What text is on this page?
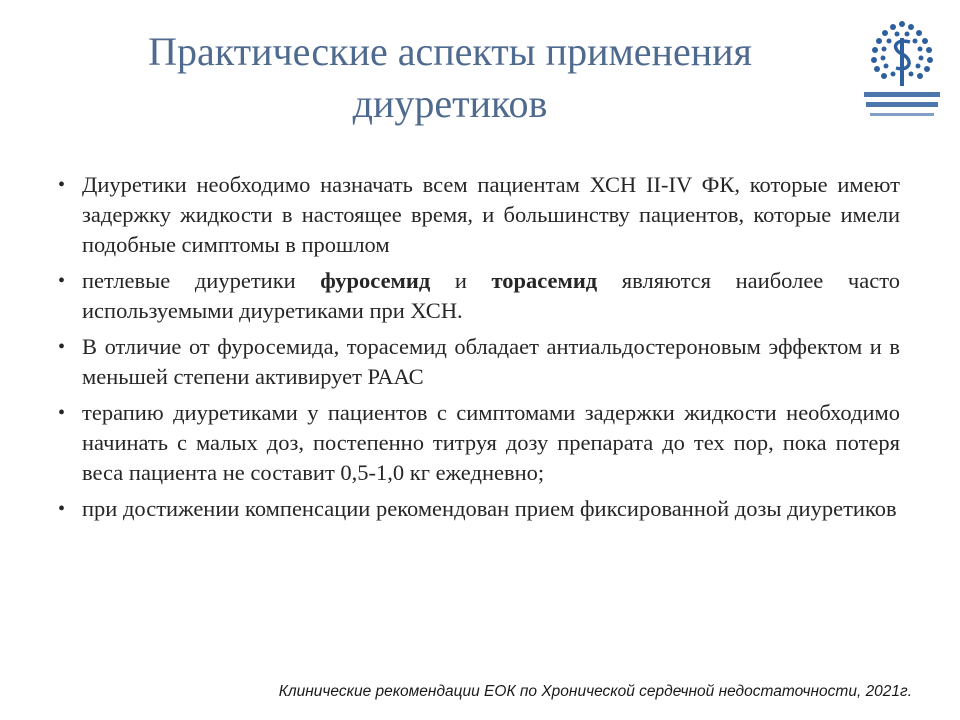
Практические аспекты применения
диуретиков
• Диуретики необходимо назначать всем пациентам ХСН II-IV ФК, которые имеют задержку жидкости в настоящее время, и большинству пациентов, которые имели подобные симптомы в прошлом
• петлевые диуретики фуросемид и торасемид являются наиболее часто используемыми диуретиками при ХСН.
• В отличие от фуросемида, торасемид обладает антиальдостероновым эффектом и в меньшей степени активирует РААС
• терапию диуретиками у пациентов с симптомами задержки жидкости необходимо начинать с малых доз, постепенно титруя дозу препарата до тех пор, пока потеря веса пациента не составит 0,5-1,0 кг ежедневно;
• при достижении компенсации рекомендован прием фиксированной дозы диуретиков
Клинические рекомендации ЕОК по Хронической сердечной недостаточности, 2021г.
